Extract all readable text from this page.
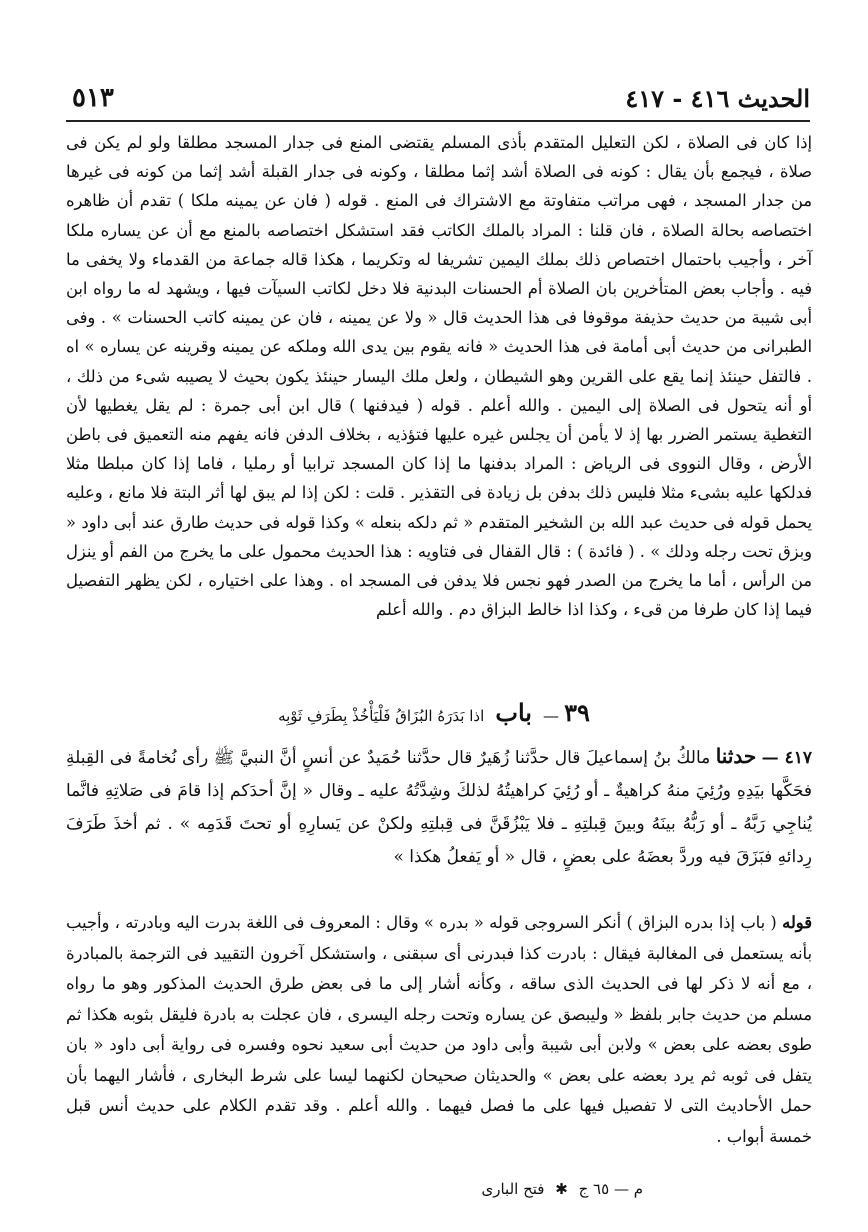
الحديث ٤١٦ - ٤١٧
٥١٣

إذا كان فى الصلاة ، لكن التعليل المتقدم بأذى المسلم يقتضى المنع فى جدار المسجد مطلقا ولو لم يكن فى صلاة ، فيجمع بأن يقال : كونه فى الصلاة أشد إثما مطلقا ، وكونه فى جدار القبلة أشد إثما من كونه فى غيرها من جدار المسجد ، فهى مراتب متفاوتة مع الاشتراك فى المنع . قوله ( فان عن يمينه ملكا ) تقدم أن ظاهره اختصاصه بحالة الصلاة ، فان قلنا : المراد بالملك الكاتب فقد استشكل اختصاصه بالمنع مع أن عن يساره ملكا آخر ، وأجيب باحتمال اختصاص ذلك بملك اليمين تشريفا له وتكريما ، هكذا قاله جماعة من القدماء ولا يخفى ما فيه . وأجاب بعض المتأخرين بان الصلاة أم الحسنات البدنية فلا دخل لكاتب السيآت فيها ، ويشهد له ما رواه ابن أبى شيبة من حديث حذيفة موقوفا فى هذا الحديث قال « ولا عن يمينه ، فان عن يمينه كاتب الحسنات » . وفى الطبرانى من حديث أبى أمامة فى هذا الحديث « فانه يقوم بين يدى الله وملكه عن يمينه وقرينه عن يساره » اه . فالتفل حينئذ إنما يقع على القرين وهو الشيطان ، ولعل ملك اليسار حينئذ يكون بحيث لا يصيبه شىء من ذلك ، أو أنه يتحول فى الصلاة إلى اليمين . والله أعلم . قوله ( فيدفنها ) قال ابن أبى جمرة : لم يقل يغطيها لأن التغطية يستمر الضرر بها إذ لا يأمن أن يجلس غيره عليها فتؤذيه ، بخلاف الدفن فانه يفهم منه التعميق فى باطن الأرض ، وقال النووى فى الرياض : المراد بدفنها ما إذا كان المسجد ترابيا أو رمليا ، فاما إذا كان مبلطا مثلا فدلكها عليه بشىء مثلا فليس ذلك بدفن بل زيادة فى التقذير . قلت : لكن إذا لم يبق لها أثر البتة فلا مانع ، وعليه يحمل قوله فى حديث عبد الله بن الشخير المتقدم « ثم دلكه بنعله » وكذا قوله فى حديث طارق عند أبى داود « وبزق تحت رجله ودلك » . ( فائدة ) : قال القفال فى فتاويه : هذا الحديث محمول على ما يخرج من الفم أو ينزل من الرأس ، أما ما يخرج من الصدر فهو نجس فلا يدفن فى المسجد اه . وهذا على اختياره ، لكن يظهر التفصيل فيما إذا كان طرفا من قىء ، وكذا اذا خالط البزاق دم . والله أعلم

٣٩ — باب اذا بَدَرَهُ البُزَاقُ فَلْيَأْخُذْ بِطَرَفِ ثَوْبِه

٤١٧ — حدثنا مالكُ بنُ إسماعيلَ قال حدَّثنا زُهَيرٌ قال حدَّثنا حُمَيدٌ عن أنسٍ أنَّ النبيَّ ﷺ رأى نُخامةً فى القِبلةِ فحَكَّها بيَدِهِ ورُئِيَ منهُ كراهيةٌ ـ أو رُئِيَ كراهيتُهُ لذلكَ وشِدَّتُهُ عليه ـ وقال « إنَّ أحدَكم إذا قامَ فى صَلاتِهِ فانَّما يُناجِي رَبَّهُ ـ أو رَبُّهُ بينَهُ وبينَ قِبلتِهِ ـ فلا يَبْزُقَنَّ فى قِبلتِهِ ولكنْ عن يَسارِهِ أو تحتَ قَدَمِه » . ثم أخذَ طَرَفَ رِدائهِ فبَزَقَ فيه وردَّ بعضَهُ على بعضٍ ، قال « أو يَفعلُ هكذا »

قوله ( باب إذا بدره البزاق ) أنكر السروجى قوله « بدره » وقال : المعروف فى اللغة بدرت اليه وبادرته ، وأجيب بأنه يستعمل فى المغالبة فيقال : بادرت كذا فبدرنى أى سبقنى ، واستشكل آخرون التقييد فى الترجمة بالمبادرة ، مع أنه لا ذكر لها فى الحديث الذى ساقه ، وكأنه أشار إلى ما فى بعض طرق الحديث المذكور وهو ما رواه مسلم من حديث جابر بلفظ « وليبصق عن يساره وتحت رجله اليسرى ، فان عجلت به بادرة فليقل بثوبه هكذا ثم طوى بعضه على بعض » ولابن أبى شيبة وأبى داود من حديث أبى سعيد نحوه وفسره فى رواية أبى داود « بان يتفل فى ثوبه ثم يرد بعضه على بعض » والحديثان صحيحان لكنهما ليسا على شرط البخارى ، فأشار اليهما بأن حمل الأحاديث التى لا تفصيل فيها على ما فصل فيهما . والله أعلم . وقد تقدم الكلام على حديث أنس قبل خمسة أبواب .

م — ٦٥ ج ✱ فتح البارى
